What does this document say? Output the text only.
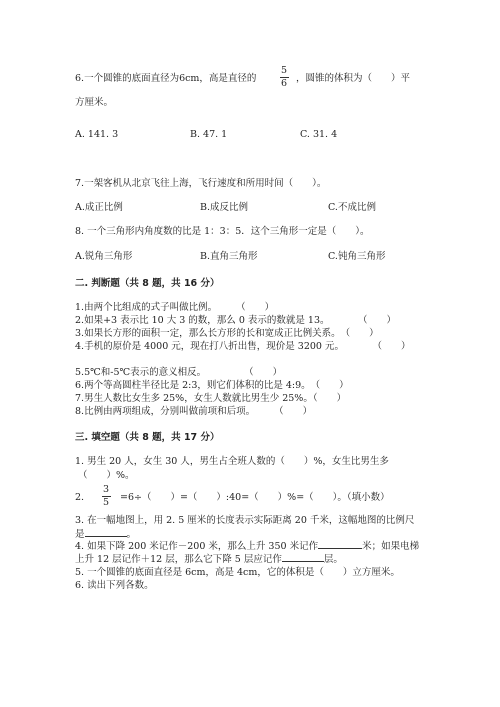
6.一个圆锥的底面直径为6cm，高是直径的
5
6 ，圆锥的体积为（　　）平
方厘米。
A. 141. 3	B. 47. 1	C. 31. 4
7.一架客机从北京飞往上海，飞行速度和所用时间（　　）。
A.成正比例	B.成反比例	C.不成比例
8. 一个三角形内角度数的比是 1：3：5．这个三角形一定是（　　）。
A.锐角三角形	B.直角三角形	C.钝角三角形
二. 判断题（共 8 题，共 16 分）
1.由两个比组成的式子叫做比例。　　　（　　）
2.如果+3 表示比 10 大 3 的数，那么 0 表示的数就是 13。　　　　（　　）
3.如果长方形的面积一定，那么长方形的长和宽成正比例关系。　（　　）
4.手机的原价是 4000 元，现在打八折出售，现价是 3200 元。　　　　（　　）
5.5℃和-5℃表示的意义相反。　　　　　（　　）
6.两个等高圆柱半径比是 2:3，则它们体积的比是 4:9。　（　　）
7.男生人数比女生多 25%，女生人数就比男生少 25%。（　　）
8.比例由两项组成，分别叫做前项和后项。　　　（　　）
三. 填空题（共 8 题，共 17 分）
1. 男生 20 人，女生 30 人，男生占全班人数的（　　）%，女生比男生多
（　　）%。
2.
3
5	=6÷（　　）=（　　）:40=（　　）%=（　　）。（填小数）
3. 在一幅地图上，用 2. 5 厘米的长度表示实际距离 20 千米，这幅地图的比例尺
是	。
4. 如果下降 200 米记作－200 米，那么上升 350 米记作	米；如果电梯
上升 12 层记作＋12 层，那么它下降 5 层应记作	层。
5. 一个圆锥的底面直径是 6cm，高是 4cm，它的体积是（　　）立方厘米。
6. 读出下列各数。
